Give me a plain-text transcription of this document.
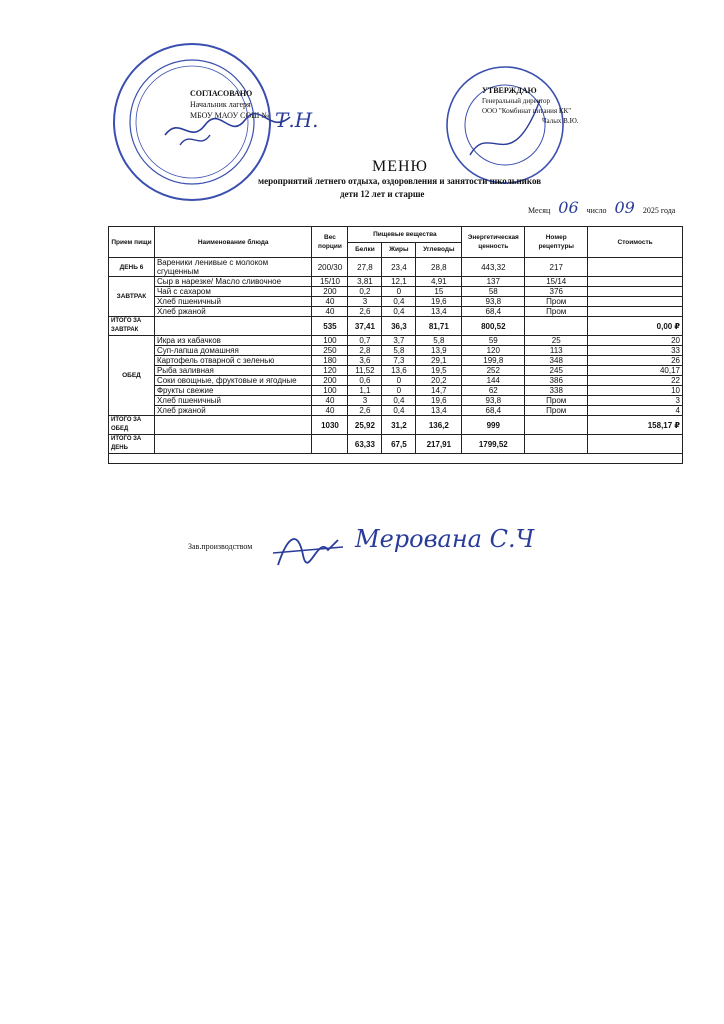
СОГЛАСОВАНО
Начальник лагеря
МБОУ МАОУ СОШ № Т.Н.
УТВЕРЖДАЮ
Генеральный директор
ООО "Комбинат питания КК"
Чалых В.Ю.
МЕНЮ
мероприятий летнего отдыха, оздоровления и занятости школьников
дети 12 лет и старше
Месяц 06 число 09 2025 года
Прием пищи	Наименование блюда	Вес порции	Пищевые вещества			Энергетическая ценность	Номер рецептуры	Стоимость
			Белки	Жиры	Углеводы			
ДЕНЬ 6	Вареники ленивые с молоком сгущенным	200/30	27,8	23,4	28,8	443,32	217	
ЗАВТРАК	Сыр в нарезке/ Масло сливочное	15/10	3,81	12,1	4,91	137	15/14	
	Чай с сахаром	200	0,2	0	15	58	376	
	Хлеб пшеничный	40	3	0,4	19,6	93,8	Пром	
	Хлеб ржаной	40	2,6	0,4	13,4	68,4	Пром	
ИТОГО ЗА ЗАВТРАК		535	37,41	36,3	81,71	800,52		0,00 ₽
ОБЕД	Икра из кабачков	100	0,7	3,7	5,8	59	25	20
	Суп-лапша домашняя	250	2,8	5,8	13,9	120	113	33
	Картофель отварной с зеленью	180	3,6	7,3	29,1	199,8	348	26
	Рыба заливная	120	11,52	13,6	19,5	252	245	40,17
	Соки овощные, фруктовые и ягодные	200	0,6	0	20,2	144	386	22
	Фрукты свежие	100	1,1	0	14,7	62	338	10
	Хлеб пшеничный	40	3	0,4	19,6	93,8	Пром	3
	Хлеб ржаной	40	2,6	0,4	13,4	68,4	Пром	4
ИТОГО ЗА ОБЕД		1030	25,92	31,2	136,2	999		158,17 ₽
ИТОГО ЗА ДЕНЬ			63,33	67,5	217,91	1799,52		

Зав.производством	Мерована С.Ч
